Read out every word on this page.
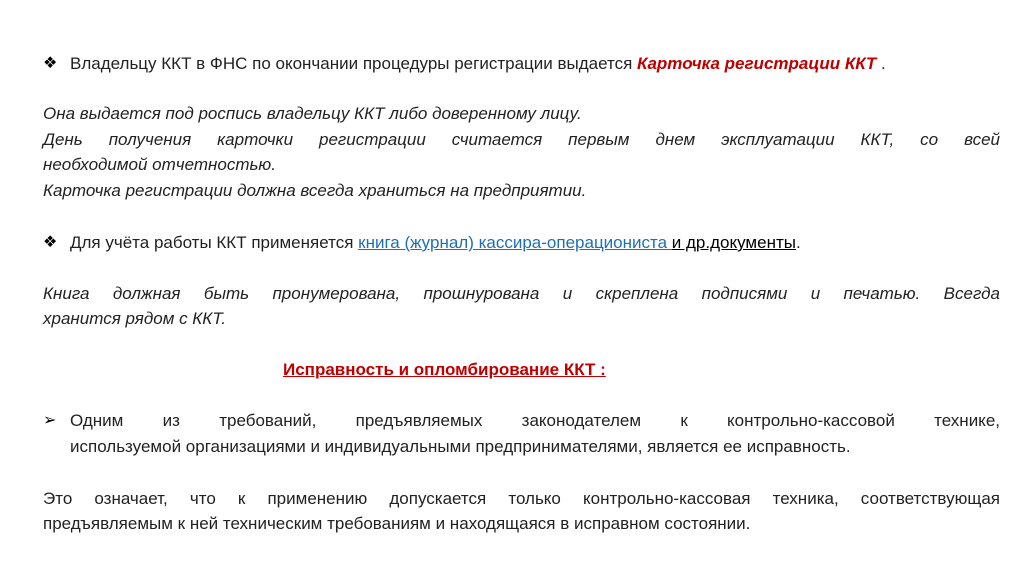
❖ Владельцу ККТ в ФНС по окончании процедуры регистрации выдается Карточка регистрации ККТ .
Она выдается под роспись владельцу ККТ либо доверенному лицу.
День получения карточки регистрации считается первым днем эксплуатации ККТ, со всей
необходимой отчетностью.
Карточка регистрации должна всегда храниться на предприятии.
❖ Для учёта работы ККТ применяется книга (журнал) кассира-операциониста и др.документы.
Книга должная быть пронумерована, прошнурована и скреплена подписями и печатью. Всегда
хранится рядом с ККТ.
Исправность и опломбирование ККТ :
➢ Одним из требований, предъявляемых законодателем к контрольно-кассовой технике,
используемой организациями и индивидуальными предпринимателями, является ее исправность.
Это означает, что к применению допускается только контрольно-кассовая техника, соответствующая
предъявляемым к ней техническим требованиям и находящаяся в исправном состоянии.
